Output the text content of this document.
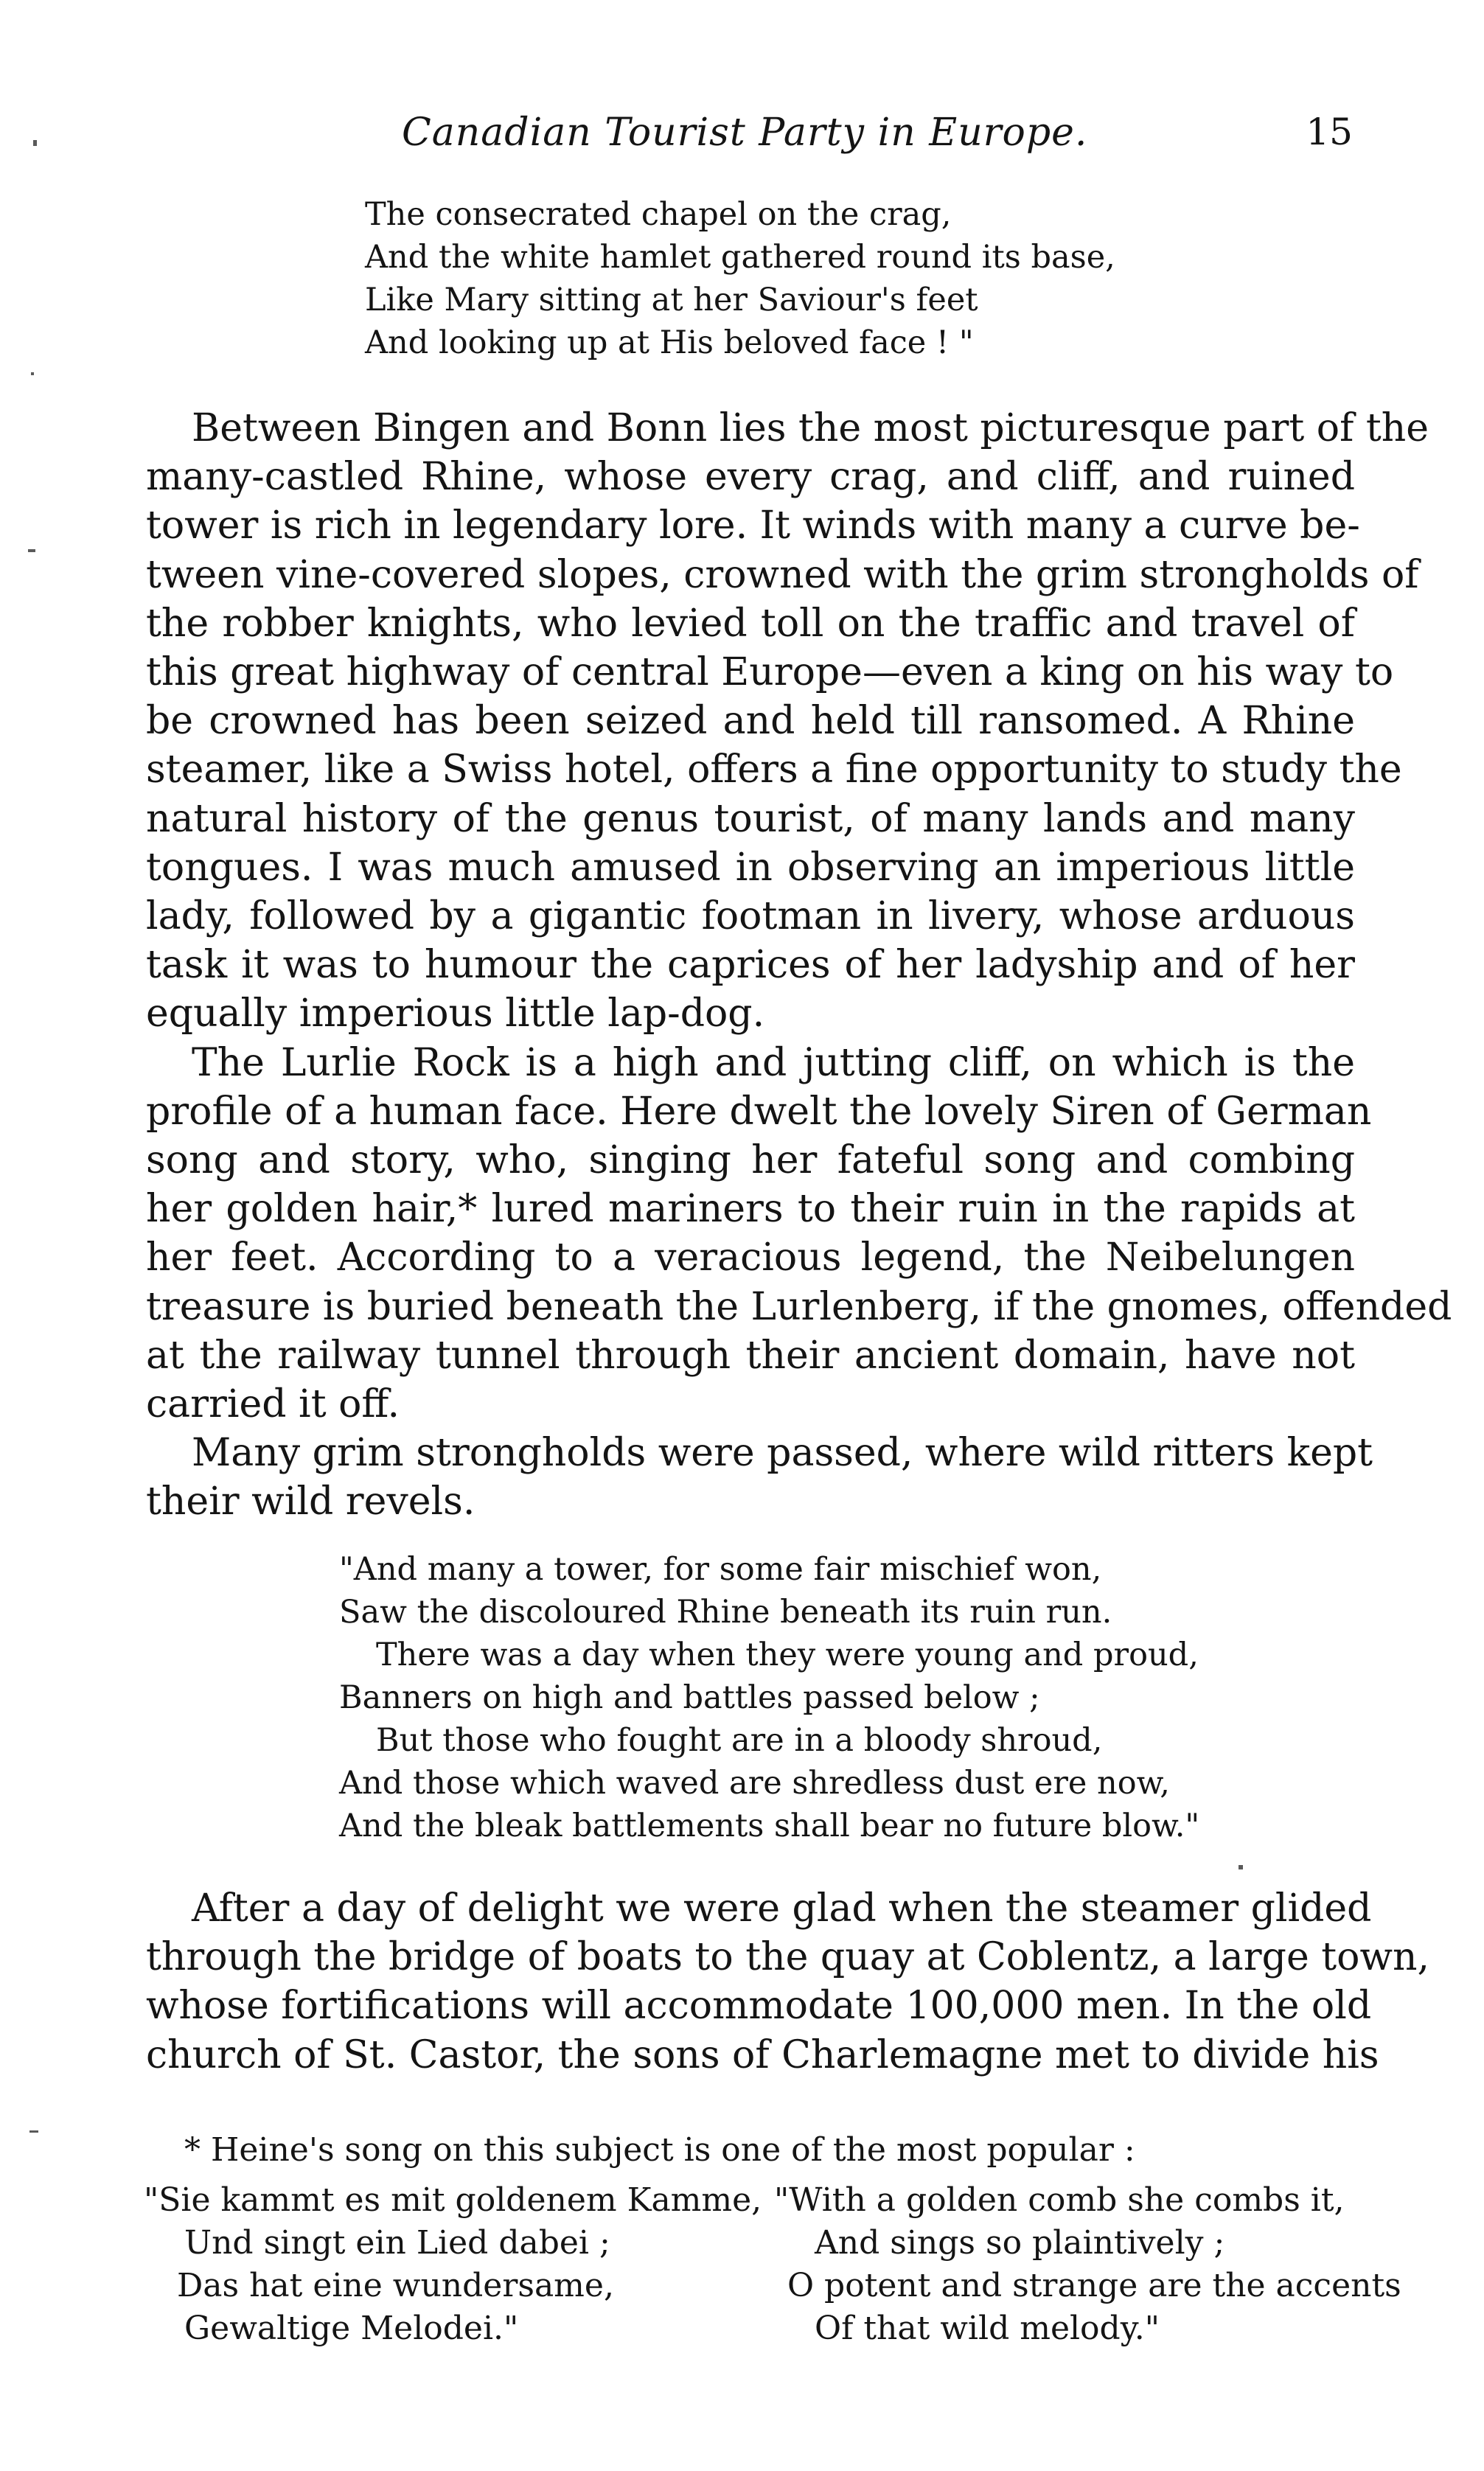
Canadian Tourist Party in Europe.	15
The consecrated chapel on the crag,
And the white hamlet gathered round its base,
Like Mary sitting at her Saviour's feet
And looking up at His beloved face ! "
Between Bingen and Bonn lies the most picturesque part of the
many-castled Rhine, whose every crag, and cliff, and ruined
tower is rich in legendary lore. It winds with many a curve be-
tween vine-covered slopes, crowned with the grim strongholds of
the robber knights, who levied toll on the traffic and travel of
this great highway of central Europe—even a king on his way to
be crowned has been seized and held till ransomed. A Rhine
steamer, like a Swiss hotel, offers a fine opportunity to study the
natural history of the genus tourist, of many lands and many
tongues. I was much amused in observing an imperious little
lady, followed by a gigantic footman in livery, whose arduous
task it was to humour the caprices of her ladyship and of her
equally imperious little lap-dog.
The Lurlie Rock is a high and jutting cliff, on which is the
profile of a human face. Here dwelt the lovely Siren of German
song and story, who, singing her fateful song and combing
her golden hair,* lured mariners to their ruin in the rapids at
her feet. According to a veracious legend, the Neibelungen
treasure is buried beneath the Lurlenberg, if the gnomes, offended
at the railway tunnel through their ancient domain, have not
carried it off.
Many grim strongholds were passed, where wild ritters kept
their wild revels.
"And many a tower, for some fair mischief won,
Saw the discoloured Rhine beneath its ruin run.
There was a day when they were young and proud,
Banners on high and battles passed below ;
But those who fought are in a bloody shroud,
And those which waved are shredless dust ere now,
And the bleak battlements shall bear no future blow."
After a day of delight we were glad when the steamer glided
through the bridge of boats to the quay at Coblentz, a large town,
whose fortifications will accommodate 100,000 men. In the old
church of St. Castor, the sons of Charlemagne met to divide his
* Heine's song on this subject is one of the most popular :
"Sie kammt es mit goldenem Kamme,
Und singt ein Lied dabei ;
Das hat eine wundersame,
Gewaltige Melodei."
"With a golden comb she combs it,
And sings so plaintively ;
O potent and strange are the accents
Of that wild melody."
